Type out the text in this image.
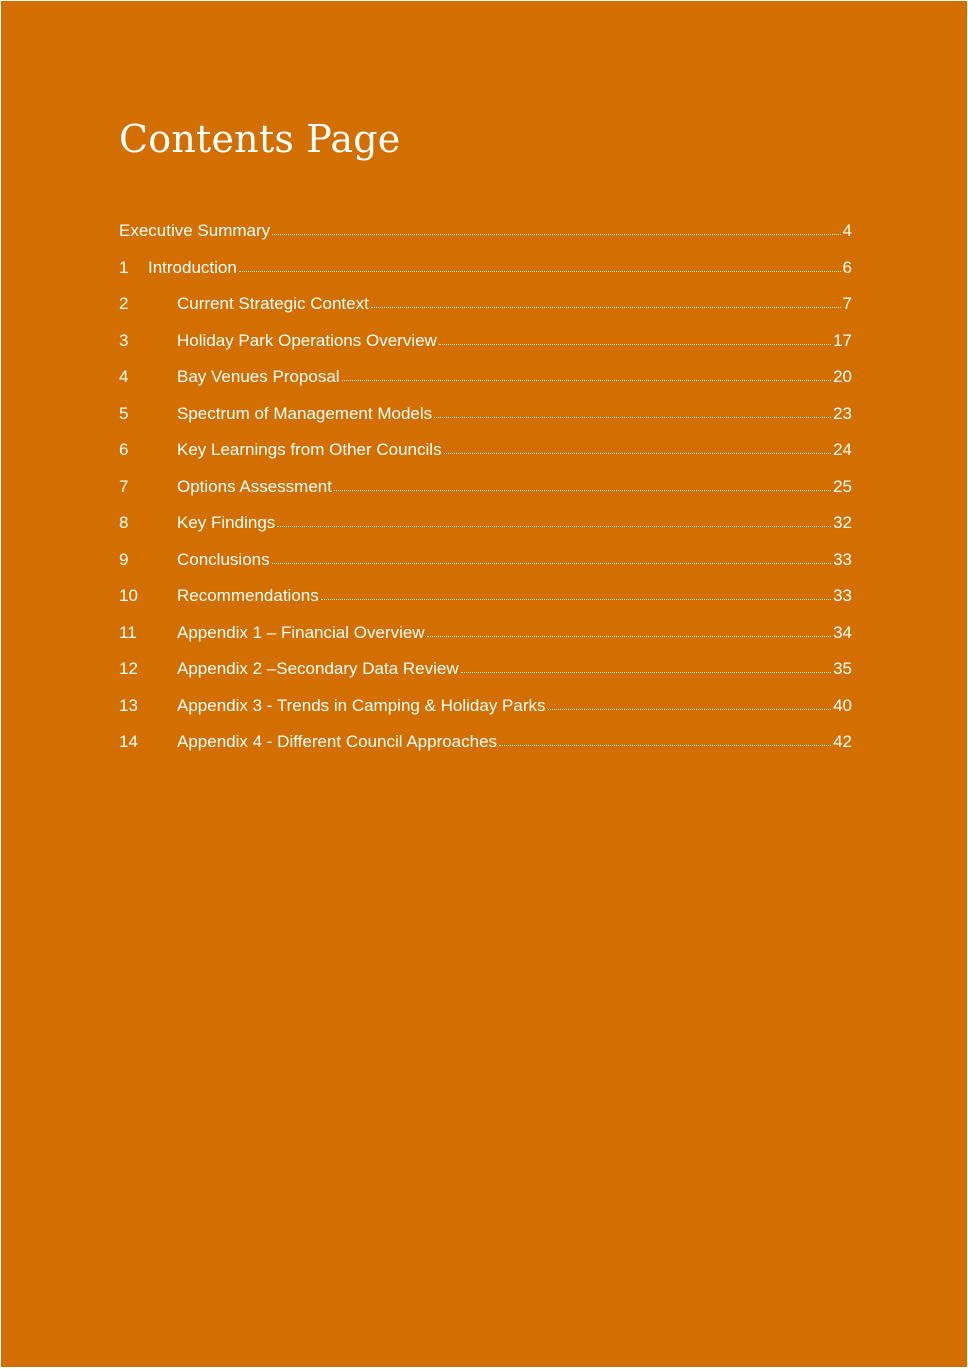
Contents Page
Executive Summary	4
1	Introduction	6
2	Current Strategic Context	7
3	Holiday Park Operations Overview	17
4	Bay Venues Proposal	20
5	Spectrum of Management Models	23
6	Key Learnings from Other Councils	24
7	Options Assessment	25
8	Key Findings	32
9	Conclusions	33
10	Recommendations	33
11	Appendix 1 – Financial Overview	34
12	Appendix 2 –Secondary Data Review	35
13	Appendix 3 - Trends in Camping & Holiday Parks	40
14	Appendix 4 - Different Council Approaches	42
